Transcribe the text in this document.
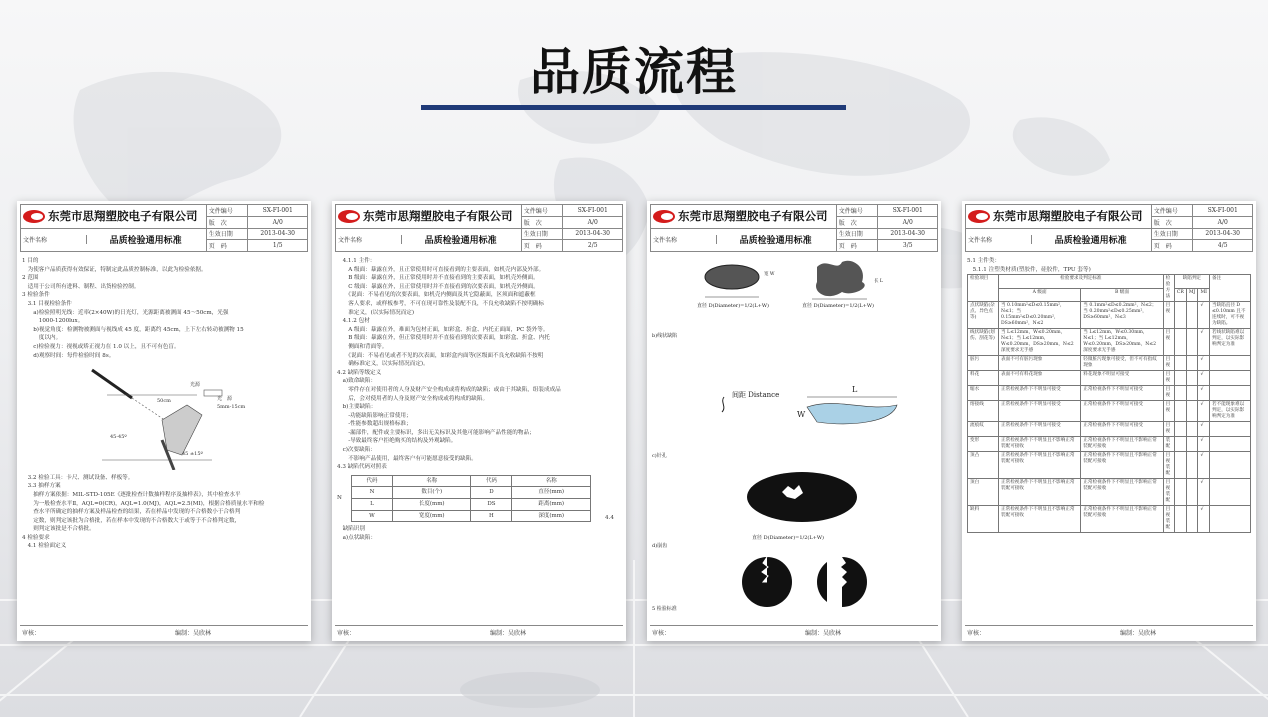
品质流程
东莞市思翔塑胶电子有限公司	文件编号	SX-FI-001
	版　次	A/0

文件名称 品质检验通用标准	生效日期	2013-04-30
	页　码	1/5

1 目的

　为使客户品质获得有效保证，特制定此品质控制标准，以此为检验依据。

2 范围

　适用于公司所有进料、制程、出货检验控制。

3 检验条件

　3.1 目视检验条件

　　a)检验照明光线：近率(2×40W)的日光灯，光源距离被测面 45～50cm，光强

　　　1000-1200lux。

　　b)视觉角度：检测物被测面与视线成 45 度，距离约 45cm，上下左右转动被测物 15

　　　度以内。

　　c)检验视力：视视或矫正视力在 1.0 以上，且不可有色盲。

　　d)观察时间：每件检验时间 8s。

光源
光　源
50cm
5mm-15cm
45-45º
45 ±15º

　3.2 检验工具：卡尺、测试设备、样板等。

　3.3 抽样方案

　　抽样方案依据：MIL-STD-105E《逐批检查计数抽样程序及抽样表》，其中检查水平

　　为一般检查水平Ⅱ，AQL=0(CR)，AQL=1.0(MJ)，AQL=2.5(MI)，根据合格质量水平和检

　　查水平所确定的抽样方案及样品检查的结果，若在样品中发现的不合格数小于合格判

　　定数，则判定该批为合格批，若在样本中发现的不合格数大于或等于不合格判定数，

　　则判定该批是不合格批。

4 检验要求

　4.1 检验面定义

审核：	编制：吴欣林
东莞市思翔塑胶电子有限公司	文件编号	SX-FI-001
	版　次	A/0

文件名称 品质检验通用标准	生效日期	2013-04-30
	页　码	2/5

　4.1.1 主件：

　　A 级面：暴露在外，且正常使用时可直接看到的主要表面，如机壳内部及外部。

　　B 级面：暴露在外，且正常使用时并不直接看到的主要表面，如机壳外侧面。

　　C 级面：暴露在外，且正常使用时并不直接看到的次要表面，如机壳外侧面。

　　《说面：不易看见的次要表面，如机壳内侧面及其它隐蔽面，区须面和遮蔽框

　　客人要求，或样板参考，不可在现可靠性及装配不良，不良允收缺陷不按明确标

　　准定义，(以实际情况而定)

　4.1.2 包材

　　A 级面：暴露在外，难面为包材正面，如彩盒、折盒、内托正面面，PC 袋外等。

　　B 级面：暴露在外，但正常使用时并不直接看到的次要表面，如彩盒、折盒、内托

　　侧面和背面等。

　　《说面：不易看见或者不见的次表面，如彩盒内面等(区级面不良允收缺陷不按明

　　确标准定义，以实际情况而定)。

4.2 缺陷等级定义

　a)致命缺陷：

　　零件存在对使用者的人身及财产安全构成或将构成的缺陷；或由于其缺陷，组装成成品

　　后，会对使用者的人身及财产安全构成或将构成的缺陷。

　b)主要缺陷：

　　-功能缺陷影响正常使用；

　　-性能参数超出规格标准；

　　-漏部件，配件或主要标识，多出无关标识及其他可能影响产品性能的物品；

　　-导致最终客户拒绝购买的结构及外观缺陷。

　c)次要缺陷：

　　不影响产品使用，最终客户有可能愿意接受的缺陷。

4.3 缺陷代码对照表

N
代码	名称	代码	名称
N	数目(个)	D	直径(mm)
L	长度(mm)	DS	距离(mm)
W	宽度(mm)	H	深度(mm)	4.4

　缺陷识别

　a)点状缺陷：

审核：	编制：吴欣林
东莞市思翔塑胶电子有限公司	文件编号	SX-FI-001
	版　次	A/0

文件名称 品质检验通用标准	生效日期	2013-04-30
	页　码	3/5
直径 D(Diameter)=1/2(L+W)	直径 D(Diameter)=1/2(L+W)
b)线状缺陷
间距 Distance
c)针孔
直径 D(Diameter)=1/2(L+W)
d)崩齿
5 检验标准
L
W
宽 W
长 L
审核：	编制：吴欣林
东莞市思翔塑胶电子有限公司	文件编号	SX-FI-001
	版　次	A/0

文件名称 品质检验通用标准	生效日期	2013-04-30
	页　码	4/5

5.1 主件类：

　5.1.1 注塑类材质(塑胶件，硅胶件，TPU 套等)

检验项目	检验要求及判定标准		检验方法	缺陷判定			备注
	A 级面	B 级面		CR	MJ	MI	
点状缺陷(杂点、异色点等)	当 0.10mm²≤D≤0.15mm²，N≤1；当 0.15mm²≤D≤0.20mm²，DS≥60mm²，N≤2	当 0.1mm²≤D≤0.2mm²，N≤2；当 0.20mm²≤D≤0.25mm²，DS≥60mm²，N≤3	目视			√	当缺陷直径 D ≤0.10mm 且不连续时，可不视为缺陷。
线状缺陷(划伤、刮花等)	当 L≤12mm，W≤0.20mm，N≤1；当 L≤12mm，W≤0.20mm，DS≥20mm，N≤2 深度要求无手感	当 L≤12mm，W≤0.30mm，N≤1；当 L≤12mm，W≤0.20mm，DS≥20mm，N≤2 深度要求无手感	目视			√	若线状缺陷难以判定，以实际影响判定为准
脏污	表面不可有脏污现象	轻微脏污现象可接受，但不可有指纹现象	目视			√	
料花	表面不可有料花现象	料花现象不明显可接受	目视			√	
缩水	正常检视条件下不明显可接受	正常检视条件下不明显可接受	目视			√	
熔接线	正常检视条件下不明显可接受	正常检视条件下不明显可接受	目视			√	若不能现象难以判定，以实际影响判定为准
流痕纹	正常检视条件下不明显可接受	正常检视条件下不明显可接受	目视			√	
变形	正常检视条件下不明显且不影响正常装配可接收	正常检视条件下不明显且不影响正常装配可接收	装配			√	
顶凸	正常检视条件下不明显且不影响正常装配可接收	正常检视条件下不明显且不影响正常装配可接收	目视装配			√	
顶白	正常检视条件下不明显且不影响正常装配可接收	正常检视条件下不明显且不影响正常装配可接收	目视装配			√	
缺料	正常检视条件下不明显且不影响正常装配可接收	正常检视条件下不明显且不影响正常装配可接收	目视装配			√	
审核：	编制：吴欣林
